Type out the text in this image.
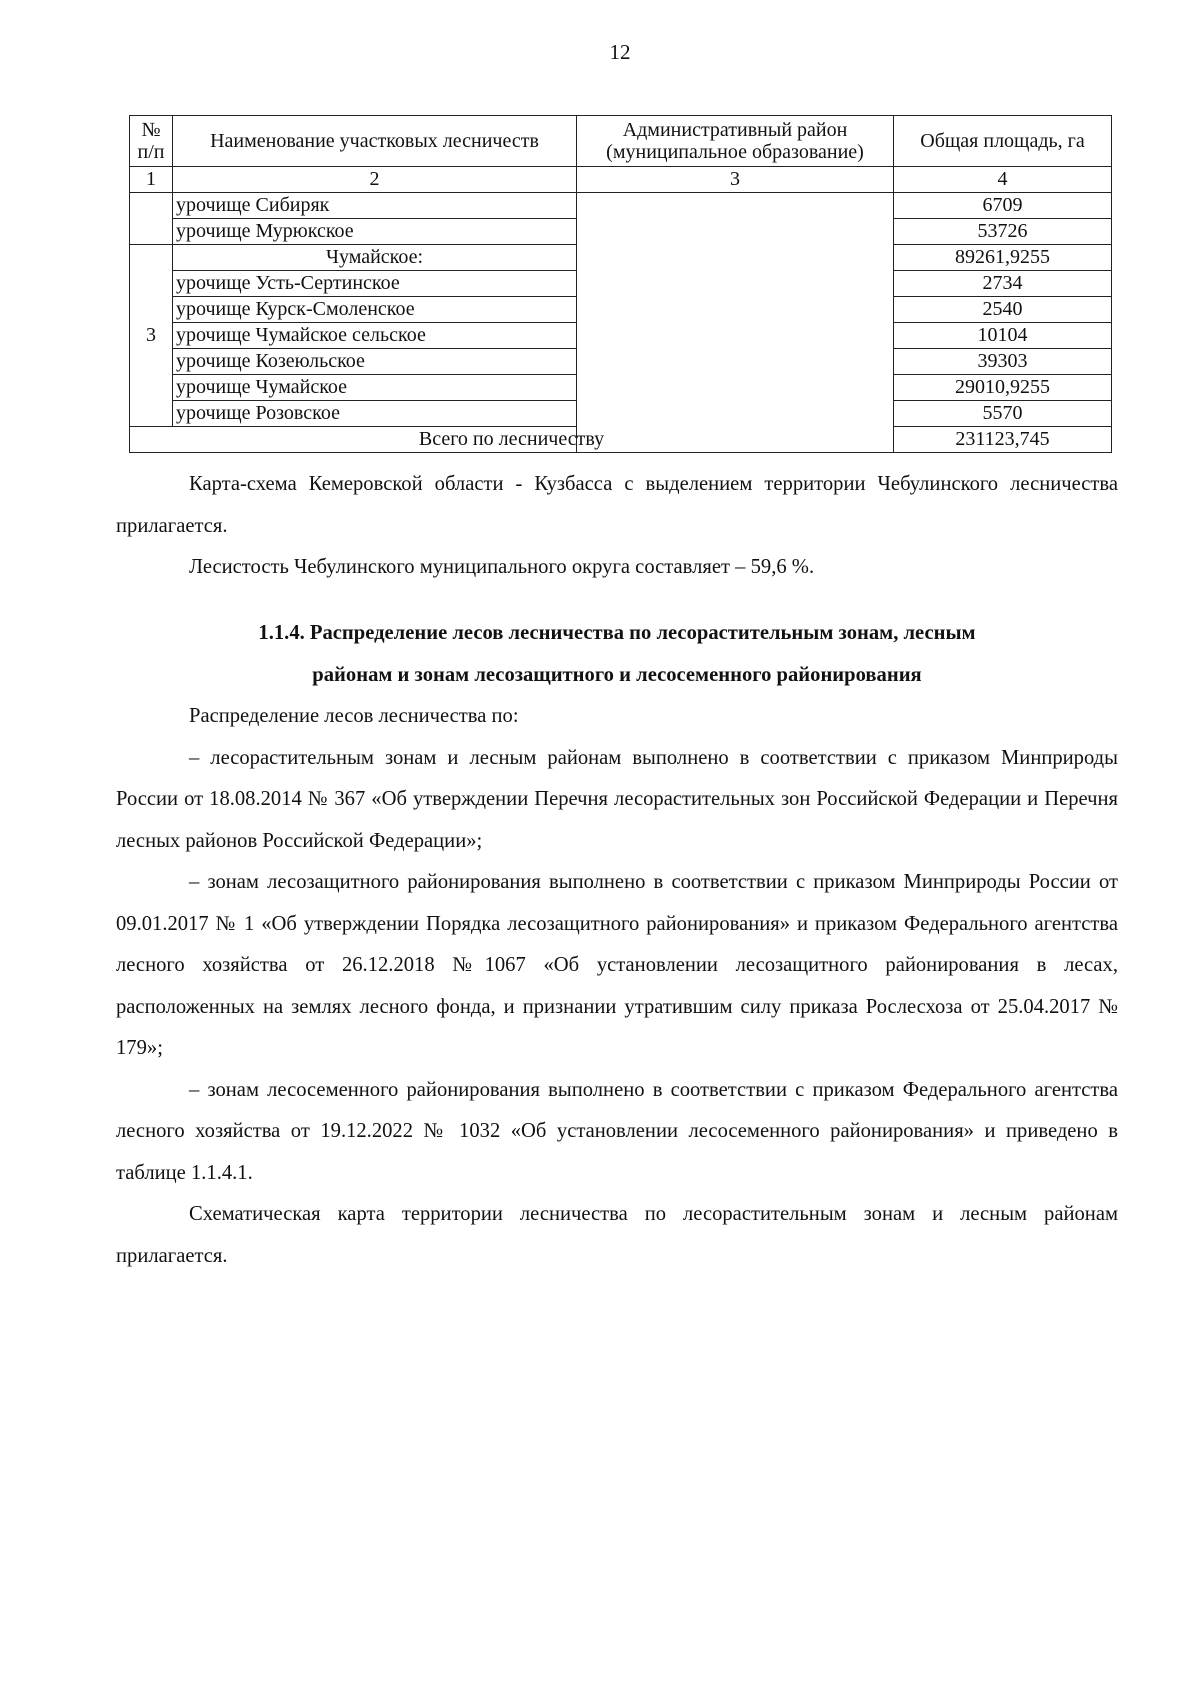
12
№ п/п	Наименование участковых лесничеств	Административный район (муниципальное образование)	Общая площадь, га
1	2	3	4
	урочище Сибиряк		6709
	урочище Мурюкское		53726
3	Чумайское:		89261,9255
	урочище Усть-Сертинское		2734
	урочище Курск-Смоленское		2540
	урочище Чумайское сельское		10104
	урочище Козеюльское		39303
	урочище Чумайское		29010,9255
	урочище Розовское		5570
Всего по лесничеству			231123,745

Карта-схема Кемеровской области - Кузбасса с выделением территории Чебулинского лесничества прилагается.

Лесистость Чебулинского муниципального округа составляет – 59,6 %.

1.1.4. Распределение лесов лесничества по лесорастительным зонам, лесным
районам и зонам лесозащитного и лесосеменного районирования

Распределение лесов лесничества по:

– лесорастительным зонам и лесным районам выполнено в соответствии с приказом Минприроды России от 18.08.2014 № 367 «Об утверждении Перечня лесорастительных зон Российской Федерации и Перечня лесных районов Российской Федерации»;

– зонам лесозащитного районирования выполнено в соответствии с приказом Минприроды России от 09.01.2017 № 1 «Об утверждении Порядка лесозащитного районирования» и приказом Федерального агентства лесного хозяйства от 26.12.2018 №1067 «Об установлении лесозащитного районирования в лесах, расположенных на землях лесного фонда, и признании утратившим силу приказа Рослесхоза от 25.04.2017 № 179»;

– зонам лесосеменного районирования выполнено в соответствии с приказом Федерального агентства лесного хозяйства от 19.12.2022 № 1032 «Об установлении лесосеменного районирования» и приведено в таблице 1.1.4.1.

Схематическая карта территории лесничества по лесорастительным зонам и лесным районам прилагается.
